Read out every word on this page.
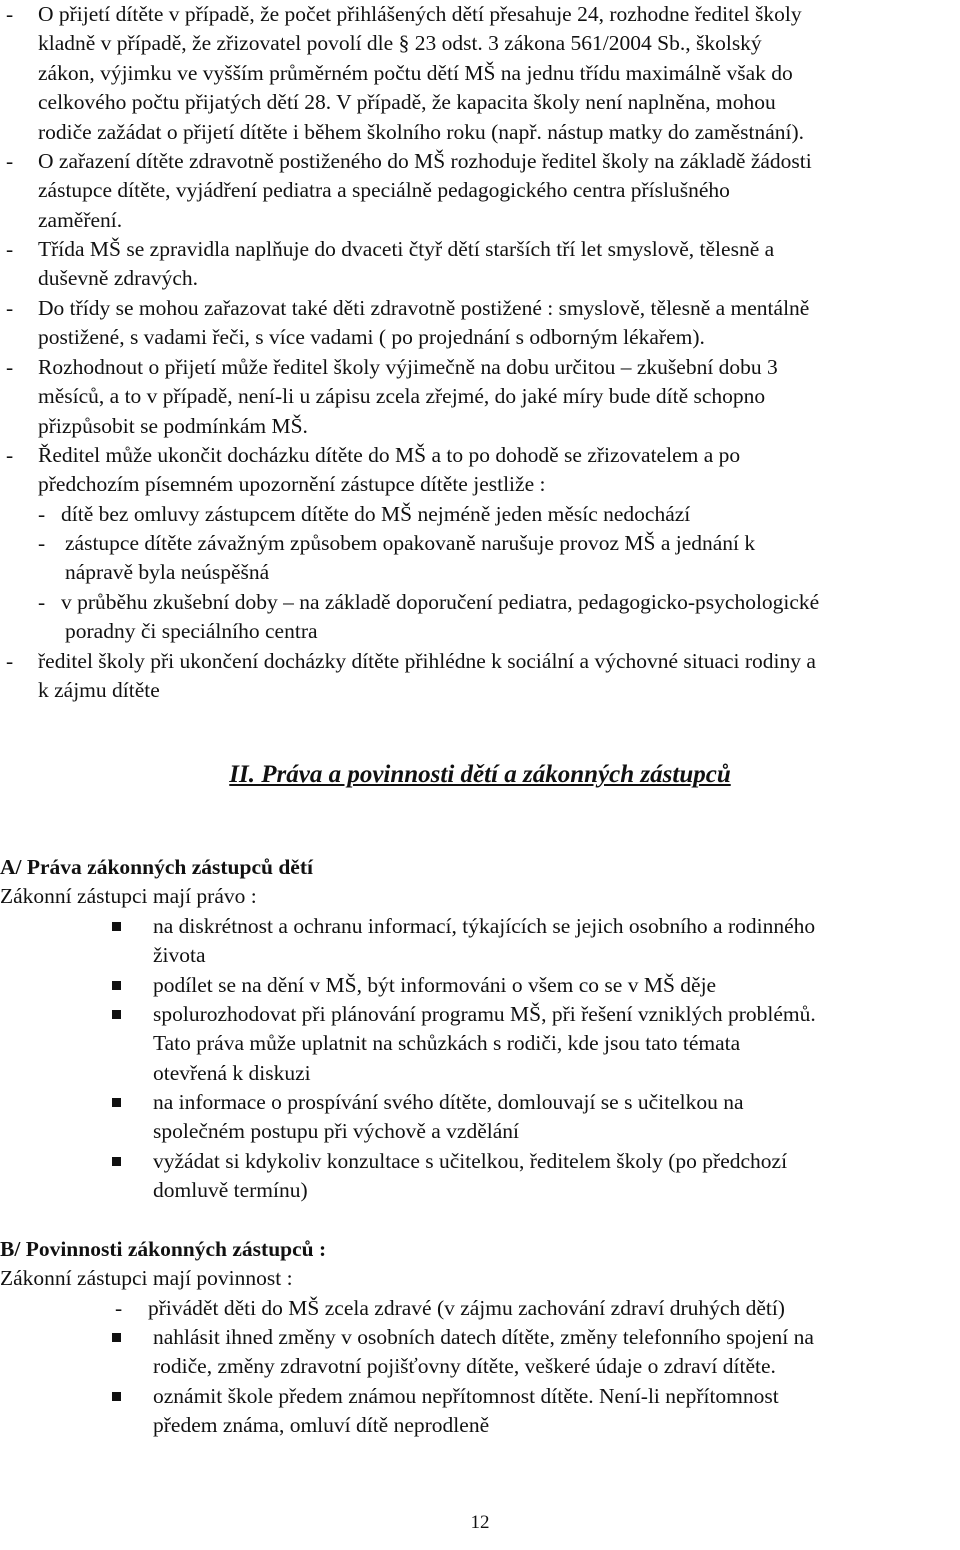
- O přijetí dítěte v případě, že počet přihlášených dětí přesahuje 24, rozhodne ředitel školy
kladně v případě, že zřizovatel povolí dle § 23 odst. 3 zákona 561/2004 Sb., školský
zákon, výjimku ve vyšším průměrném počtu dětí MŠ na jednu třídu maximálně však do
celkového počtu přijatých dětí 28. V případě, že kapacita školy není naplněna, mohou
rodiče zažádat o přijetí dítěte i během školního roku (např. nástup matky do zaměstnání).
- O zařazení dítěte zdravotně postiženého do MŠ rozhoduje ředitel školy na základě žádosti
zástupce dítěte, vyjádření pediatra a speciálně pedagogického centra příslušného
zaměření.
- Třída MŠ se zpravidla naplňuje do dvaceti čtyř dětí starších tří let smyslově, tělesně a
duševně zdravých.
- Do třídy se mohou zařazovat také děti zdravotně postižené : smyslově, tělesně a mentálně
postižené, s vadami řeči, s více vadami ( po projednání s odborným lékařem).
- Rozhodnout o přijetí může ředitel školy výjimečně na dobu určitou – zkušební dobu 3
měsíců, a to v případě, není-li u zápisu zcela zřejmé, do jaké míry bude dítě schopno
přizpůsobit se podmínkám MŠ.
- Ředitel může ukončit docházku dítěte do MŠ a to po dohodě se zřizovatelem a po
předchozím písemném upozornění zástupce dítěte jestliže :
- dítě bez omluvy zástupcem dítěte do MŠ nejméně jeden měsíc nedochází
- zástupce dítěte závažným způsobem opakovaně narušuje provoz MŠ a jednání k
nápravě byla neúspěšná
- v průběhu zkušební doby – na základě doporučení pediatra, pedagogicko-psychologické
poradny či speciálního centra
- ředitel školy při ukončení docházky dítěte přihlédne k sociální a výchovné situaci rodiny a
k zájmu dítěte
II. Práva a povinnosti dětí a zákonných zástupců
A/ Práva zákonných zástupců dětí
Zákonní zástupci mají právo :
na diskrétnost a ochranu informací, týkajících se jejich osobního a rodinného
života
podílet se na dění v MŠ, být informováni o všem co se v MŠ děje
spolurozhodovat při plánování programu MŠ, při řešení vzniklých problémů.
Tato práva může uplatnit na schůzkách s rodiči, kde jsou tato témata
otevřená k diskuzi
na informace o prospívání svého dítěte, domlouvají se s učitelkou na
společném postupu při výchově a vzdělání
vyžádat si kdykoliv konzultace s učitelkou, ředitelem školy (po předchozí
domluvě termínu)
B/ Povinnosti zákonných zástupců :
Zákonní zástupci mají povinnost :
- přivádět děti do MŠ zcela zdravé (v zájmu zachování zdraví druhých dětí)
nahlásit ihned změny v osobních datech dítěte, změny telefonního spojení na
rodiče, změny zdravotní pojišťovny dítěte, veškeré údaje o zdraví dítěte.
oznámit škole předem známou nepřítomnost dítěte. Není-li nepřítomnost
předem známa, omluví dítě neprodleně
12
